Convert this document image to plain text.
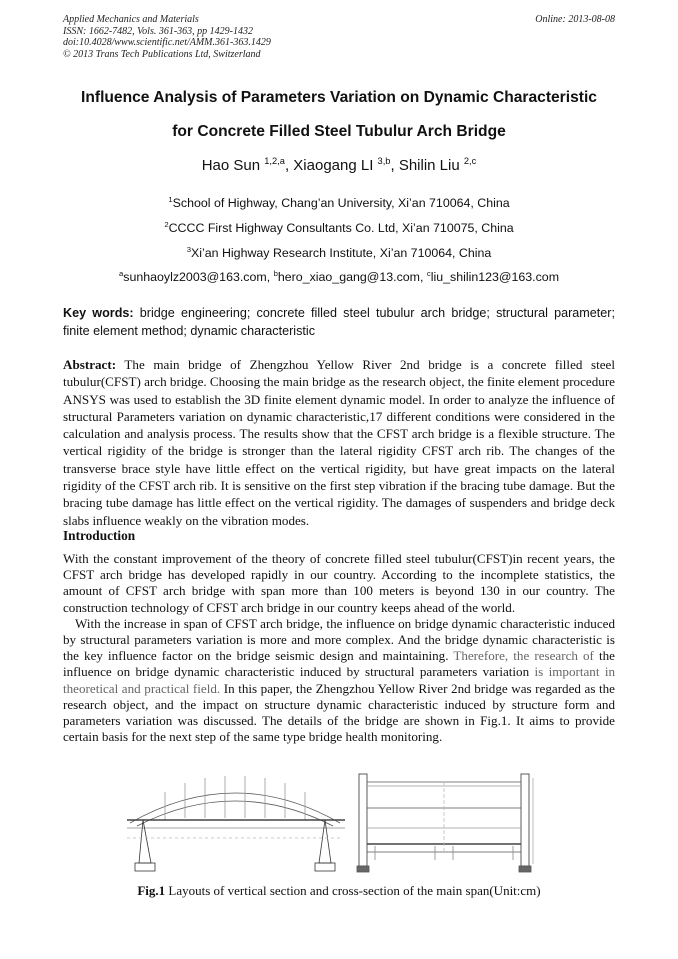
Applied Mechanics and Materials
ISSN: 1662-7482, Vols. 361-363, pp 1429-1432
doi:10.4028/www.scientific.net/AMM.361-363.1429
© 2013 Trans Tech Publications Ltd, Switzerland
Online: 2013-08-08
Influence Analysis of Parameters Variation on Dynamic Characteristic
for Concrete Filled Steel Tubulur Arch Bridge
Hao Sun $^{1,2,a}$, Xiaogang LI $^{3,b}$, Shilin Liu $^{2,c}$
$^1$School of Highway, Chang’an University, Xi’an 710064, China
$^2$CCCC First Highway Consultants Co. Ltd, Xi’an 710075, China
$^3$Xi’an Highway Research Institute, Xi’an 710064, China
$^a$sunhaoylz2003@163.com, $^b$hero_xiao_gang@13.com, $^c$liu_shilin123@163.com
Key words: bridge engineering; concrete filled steel tubulur arch bridge; structural parameter; finite element method; dynamic characteristic
Abstract: The main bridge of Zhengzhou Yellow River 2nd bridge is a concrete filled steel tubulur(CFST) arch bridge. Choosing the main bridge as the research object, the finite element procedure ANSYS was used to establish the 3D finite element dynamic model. In order to analyze the influence of structural Parameters variation on dynamic characteristic,17 different conditions were considered in the calculation and analysis process. The results show that the CFST arch bridge is a flexible structure. The vertical rigidity of the bridge is stronger than the lateral rigidity CFST arch rib. The changes of the transverse brace style have little effect on the vertical rigidity, but have great impacts on the lateral rigidity of the CFST arch rib. It is sensitive on the first step vibration if the bracing tube damage. But the bracing tube damage has little effect on the vertical rigidity. The damages of suspenders and bridge deck slabs influence weakly on the vibration modes.
Introduction

With the constant improvement of the theory of concrete filled steel tubulur(CFST)in recent years, the CFST arch bridge has developed rapidly in our country. According to the incomplete statistics, the amount of CFST arch bridge with span more than 100 meters is beyond 130 in our country. The construction technology of CFST arch bridge in our country keeps ahead of the world.

With the increase in span of CFST arch bridge, the influence on bridge dynamic characteristic induced by structural parameters variation is more and more complex. And the bridge dynamic characteristic is the key influence factor on the bridge seismic design and maintaining. Therefore, the research of the influence on bridge dynamic characteristic induced by structural parameters variation is important in theoretical and practical field. In this paper, the Zhengzhou Yellow River 2nd bridge was regarded as the research object, and the impact on structure dynamic characteristic induced by structure form and parameters variation was discussed. The details of the bridge are shown in Fig.1. It aims to provide certain basis for the next step of the same type bridge health monitoring.

Fig.1 Layouts of vertical section and cross-section of the main span(Unit:cm)
